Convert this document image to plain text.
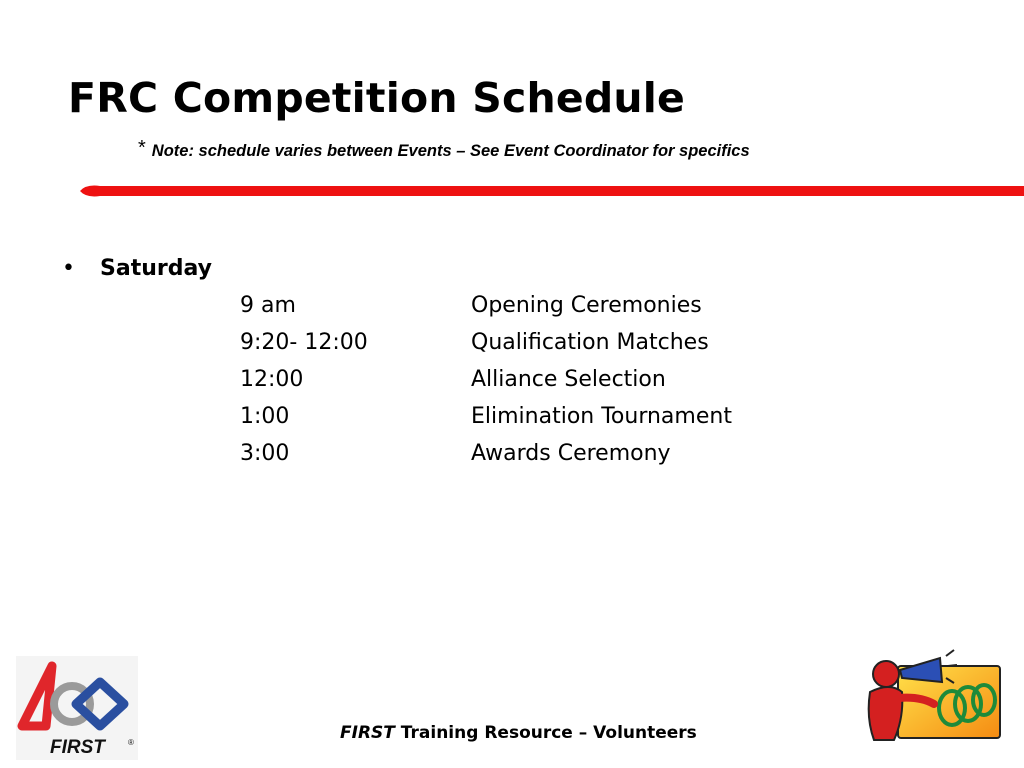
FRC Competition Schedule
* Note: schedule varies between Events – See Event Coordinator for specifics
• Saturday
9 am	Opening Ceremonies
9:20- 12:00	Qualification Matches
12:00	Alliance Selection
1:00	Elimination Tournament
3:00	Awards Ceremony
FIRST	®	FIRST Training Resource – Volunteers
